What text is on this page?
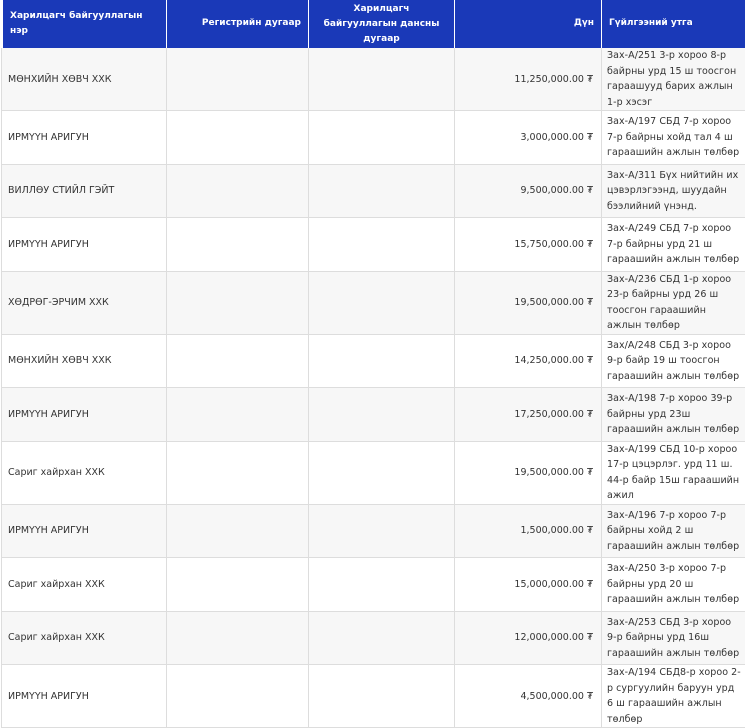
Харилцагч байгууллагын нэр	Регистрийн дугаар	Харилцагч байгууллагын дансны дугаар	Дүн	Гүйлгээний утга
МӨНХИЙН ХӨВЧ ХХК			11,250,000.00 ₮	Зах-А/251 3-р хороо 8-р байрны урд 15 ш тоосгон гараашууд барих ажлын 1-р хэсэг
ИРМҮҮН АРИГУН			3,000,000.00 ₮	Зах-А/197 СБД 7-р хороо 7-р байрны хойд тал 4 ш гараашийн ажлын төлбөр
ВИЛЛӨУ СТИЙЛ ГЭЙТ			9,500,000.00 ₮	Зах-А/311 Бүх нийтийн их цэвэрлэгээнд, шуудайн бээлийний үнэнд.
ИРМҮҮН АРИГУН			15,750,000.00 ₮	Зах-А/249 СБД 7-р хороо 7-р байрны урд 21 ш гараашийн ажлын төлбөр
ХӨДРӨГ-ЭРЧИМ ХХК			19,500,000.00 ₮	Зах-А/236 СБД 1-р хороо 23-р байрны урд 26 ш тоосгон гараашийн ажлын төлбөр
МӨНХИЙН ХӨВЧ ХХК			14,250,000.00 ₮	Зах/А/248 СБД 3-р хороо 9-р байр 19 ш тоосгон гараашийн ажлын төлбөр
ИРМҮҮН АРИГУН			17,250,000.00 ₮	Зах-А/198 7-р хороо 39-р байрны урд 23ш гараашийн ажлын төлбөр
Сариг хайрхан ХХК			19,500,000.00 ₮	Зах-А/199 СБД 10-р хороо 17-р цэцэрлэг. урд 11 ш. 44-р байр 15ш гараашийн ажил
ИРМҮҮН АРИГУН			1,500,000.00 ₮	Зах-А/196 7-р хороо 7-р байрны хойд 2 ш гараашийн ажлын төлбөр
Сариг хайрхан ХХК			15,000,000.00 ₮	Зах-А/250 3-р хороо 7-р байрны урд 20 ш гараашийн ажлын төлбөр
Сариг хайрхан ХХК			12,000,000.00 ₮	Зах-А/253 СБД 3-р хороо 9-р байрны урд 16ш гараашийн ажлын төлбөр
ИРМҮҮН АРИГУН			4,500,000.00 ₮	Зах-А/194 СБД8-р хороо 2-р сургуулийн баруун урд 6 ш гараашийн ажлын төлбөр
